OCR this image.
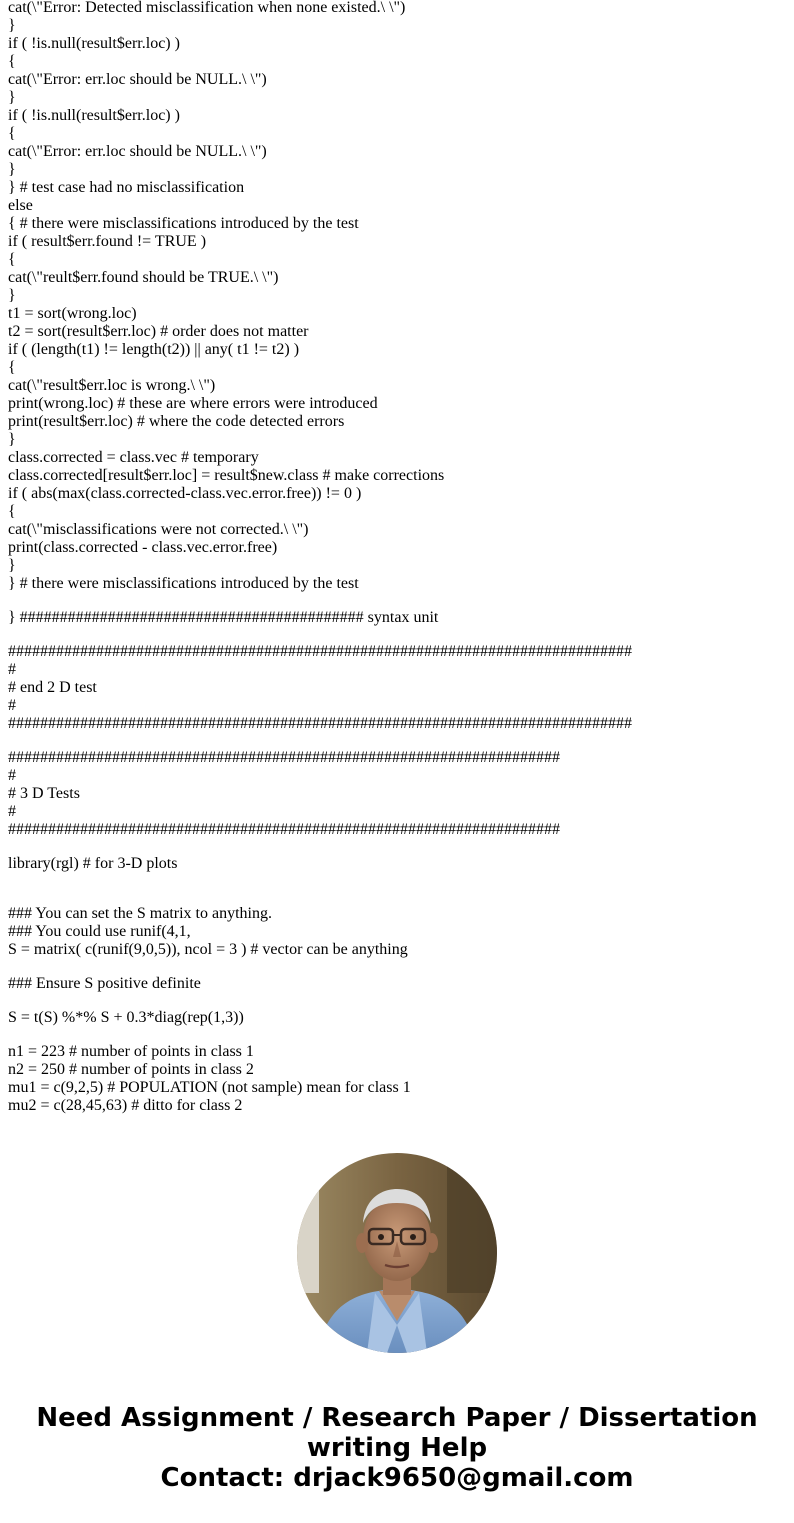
cat(\"Error: Detected misclassification when none existed.\ \")
}
if ( !is.null(result$err.loc) )
{
cat(\"Error: err.loc should be NULL.\ \")
}
if ( !is.null(result$err.loc) )
{
cat(\"Error: err.loc should be NULL.\ \")
}
} # test case had no misclassification
else
{ # there were misclassifications introduced by the test
if ( result$err.found != TRUE )
{
cat(\"reult$err.found should be TRUE.\ \")
}
t1 = sort(wrong.loc)
t2 = sort(result$err.loc) # order does not matter
if ( (length(t1) != length(t2)) || any( t1 != t2) )
{
cat(\"result$err.loc is wrong.\ \")
print(wrong.loc) # these are where errors were introduced
print(result$err.loc) # where the code detected errors
}
class.corrected = class.vec # temporary
class.corrected[result$err.loc] = result$new.class # make corrections
if ( abs(max(class.corrected-class.vec.error.free)) != 0 )
{
cat(\"misclassifications were not corrected.\ \")
print(class.corrected - class.vec.error.free)
}
} # there were misclassifications introduced by the test
} ########################################### syntax unit
##############################################################################
#
# end 2 D test
#
##############################################################################
#####################################################################
#
# 3 D Tests
#
#####################################################################
library(rgl) # for 3-D plots
### You can set the S matrix to anything.
### You could use runif(4,1,
S = matrix( c(runif(9,0,5)), ncol = 3 ) # vector can be anything
### Ensure S positive definite
S = t(S) %*% S + 0.3*diag(rep(1,3))
n1 = 223 # number of points in class 1
n2 = 250 # number of points in class 2
mu1 = c(9,2,5) # POPULATION (not sample) mean for class 1
mu2 = c(28,45,63) # ditto for class 2
Need Assignment / Research Paper / Dissertation
writing Help
Contact: drjack9650@gmail.com
